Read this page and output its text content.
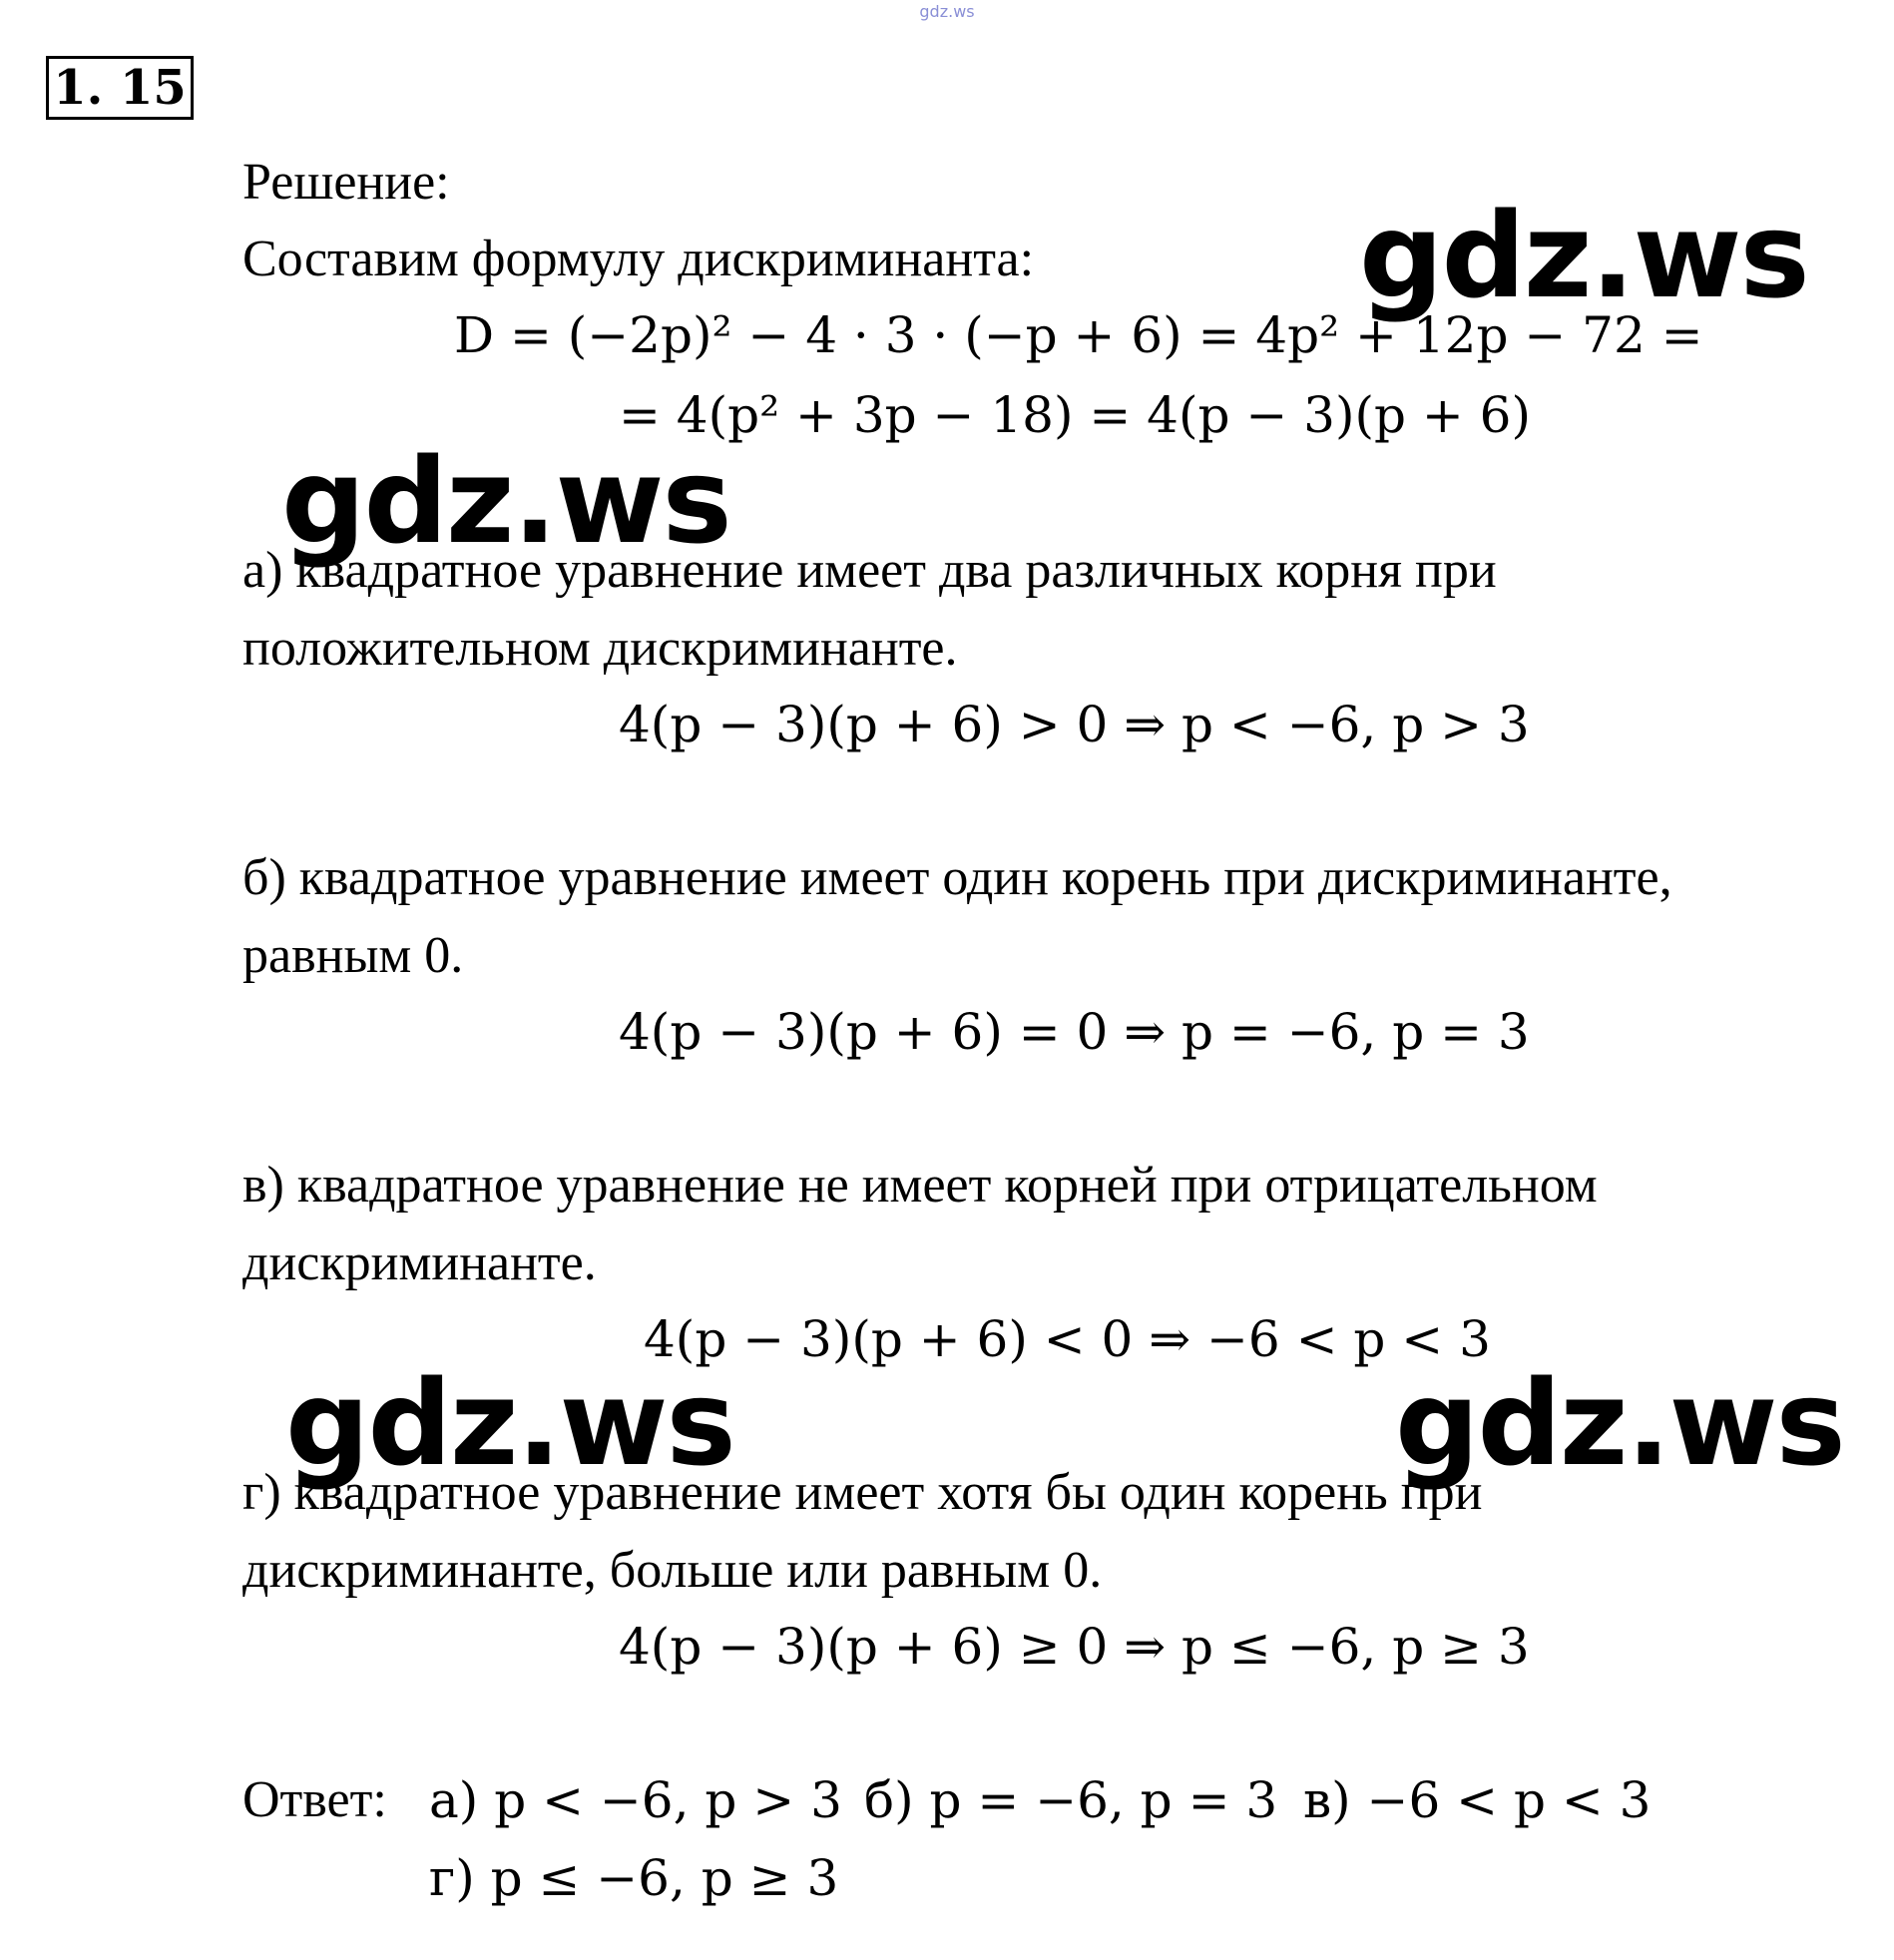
gdz.ws
1. 15
Решение:
Составим формулу дискриминанта:
D = (−2p)² − 4 · 3 · (−p + 6) = 4p² + 12p − 72 =
= 4(p² + 3p − 18) = 4(p − 3)(p + 6)
а) квадратное уравнение имеет два различных корня при
положительном дискриминанте.
4(p − 3)(p + 6) > 0 ⇒ p < −6, p > 3
б) квадратное уравнение имеет один корень при дискриминанте,
равным 0.
4(p − 3)(p + 6) = 0 ⇒ p = −6, p = 3
в) квадратное уравнение не имеет корней при отрицательном
дискриминанте.
4(p − 3)(p + 6) < 0 ⇒ −6 < p < 3
г) квадратное уравнение имеет хотя бы один корень при
дискриминанте, больше или равным 0.
4(p − 3)(p + 6) ≥ 0 ⇒ p ≤ −6, p ≥ 3
Ответ: а) p < −6, p > 3 б) p = −6, p = 3 в) −6 < p < 3
г) p ≤ −6, p ≥ 3
gdz.ws
gdz.ws
gdz.ws	gdz.ws
